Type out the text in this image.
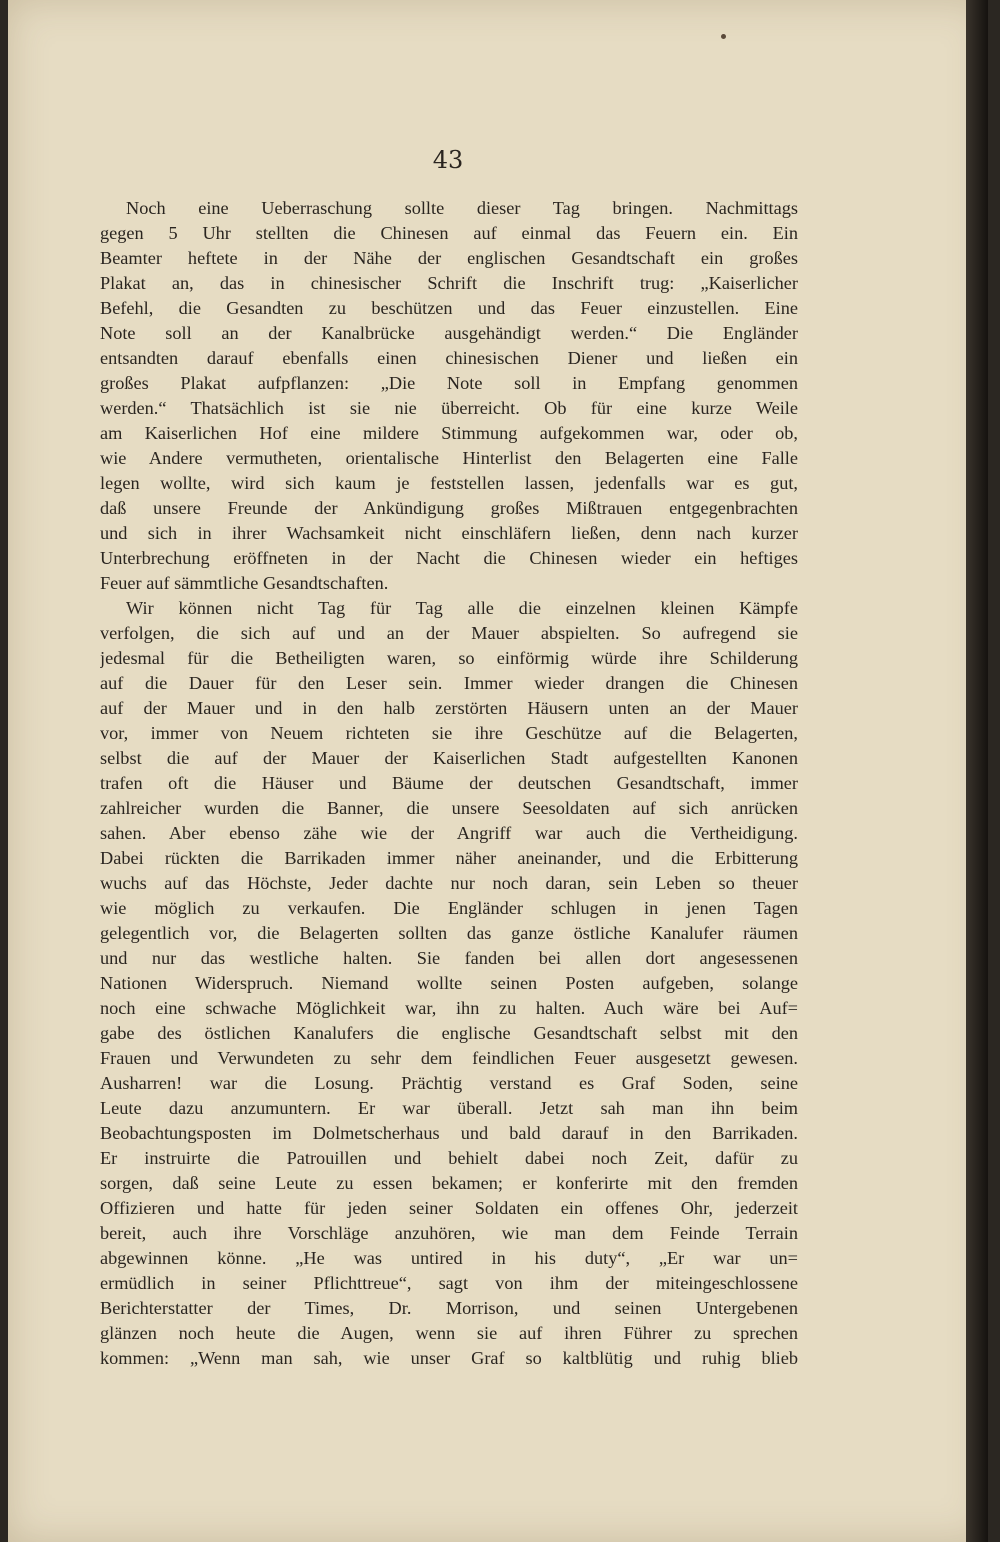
43
Noch eine Ueberraschung sollte dieser Tag bringen. Nachmittags
gegen 5 Uhr stellten die Chinesen auf einmal das Feuern ein. Ein
Beamter heftete in der Nähe der englischen Gesandtschaft ein großes
Plakat an, das in chinesischer Schrift die Inschrift trug: „Kaiserlicher
Befehl, die Gesandten zu beschützen und das Feuer einzustellen. Eine
Note soll an der Kanalbrücke ausgehändigt werden.“ Die Engländer
entsandten darauf ebenfalls einen chinesischen Diener und ließen ein
großes Plakat aufpflanzen: „Die Note soll in Empfang genommen
werden.“ Thatsächlich ist sie nie überreicht. Ob für eine kurze Weile
am Kaiserlichen Hof eine mildere Stimmung aufgekommen war, oder ob,
wie Andere vermutheten, orientalische Hinterlist den Belagerten eine Falle
legen wollte, wird sich kaum je feststellen lassen, jedenfalls war es gut,
daß unsere Freunde der Ankündigung großes Mißtrauen entgegenbrachten
und sich in ihrer Wachsamkeit nicht einschläfern ließen, denn nach kurzer
Unterbrechung eröffneten in der Nacht die Chinesen wieder ein heftiges
Feuer auf sämmtliche Gesandtschaften.
Wir können nicht Tag für Tag alle die einzelnen kleinen Kämpfe
verfolgen, die sich auf und an der Mauer abspielten. So aufregend sie
jedesmal für die Betheiligten waren, so einförmig würde ihre Schilderung
auf die Dauer für den Leser sein. Immer wieder drangen die Chinesen
auf der Mauer und in den halb zerstörten Häusern unten an der Mauer
vor, immer von Neuem richteten sie ihre Geschütze auf die Belagerten,
selbst die auf der Mauer der Kaiserlichen Stadt aufgestellten Kanonen
trafen oft die Häuser und Bäume der deutschen Gesandtschaft, immer
zahlreicher wurden die Banner, die unsere Seesoldaten auf sich anrücken
sahen. Aber ebenso zähe wie der Angriff war auch die Vertheidigung.
Dabei rückten die Barrikaden immer näher aneinander, und die Erbitterung
wuchs auf das Höchste, Jeder dachte nur noch daran, sein Leben so theuer
wie möglich zu verkaufen. Die Engländer schlugen in jenen Tagen
gelegentlich vor, die Belagerten sollten das ganze östliche Kanalufer räumen
und nur das westliche halten. Sie fanden bei allen dort angesessenen
Nationen Widerspruch. Niemand wollte seinen Posten aufgeben, solange
noch eine schwache Möglichkeit war, ihn zu halten. Auch wäre bei Auf=
gabe des östlichen Kanalufers die englische Gesandtschaft selbst mit den
Frauen und Verwundeten zu sehr dem feindlichen Feuer ausgesetzt gewesen.
Ausharren! war die Losung. Prächtig verstand es Graf Soden, seine
Leute dazu anzumuntern. Er war überall. Jetzt sah man ihn beim
Beobachtungsposten im Dolmetscherhaus und bald darauf in den Barrikaden.
Er instruirte die Patrouillen und behielt dabei noch Zeit, dafür zu
sorgen, daß seine Leute zu essen bekamen; er konferirte mit den fremden
Offizieren und hatte für jeden seiner Soldaten ein offenes Ohr, jederzeit
bereit, auch ihre Vorschläge anzuhören, wie man dem Feinde Terrain
abgewinnen könne. „He was untired in his duty“, „Er war un=
ermüdlich in seiner Pflichttreue“, sagt von ihm der miteingeschlossene
Berichterstatter der Times, Dr. Morrison, und seinen Untergebenen
glänzen noch heute die Augen, wenn sie auf ihren Führer zu sprechen
kommen: „Wenn man sah, wie unser Graf so kaltblütig und ruhig blieb
